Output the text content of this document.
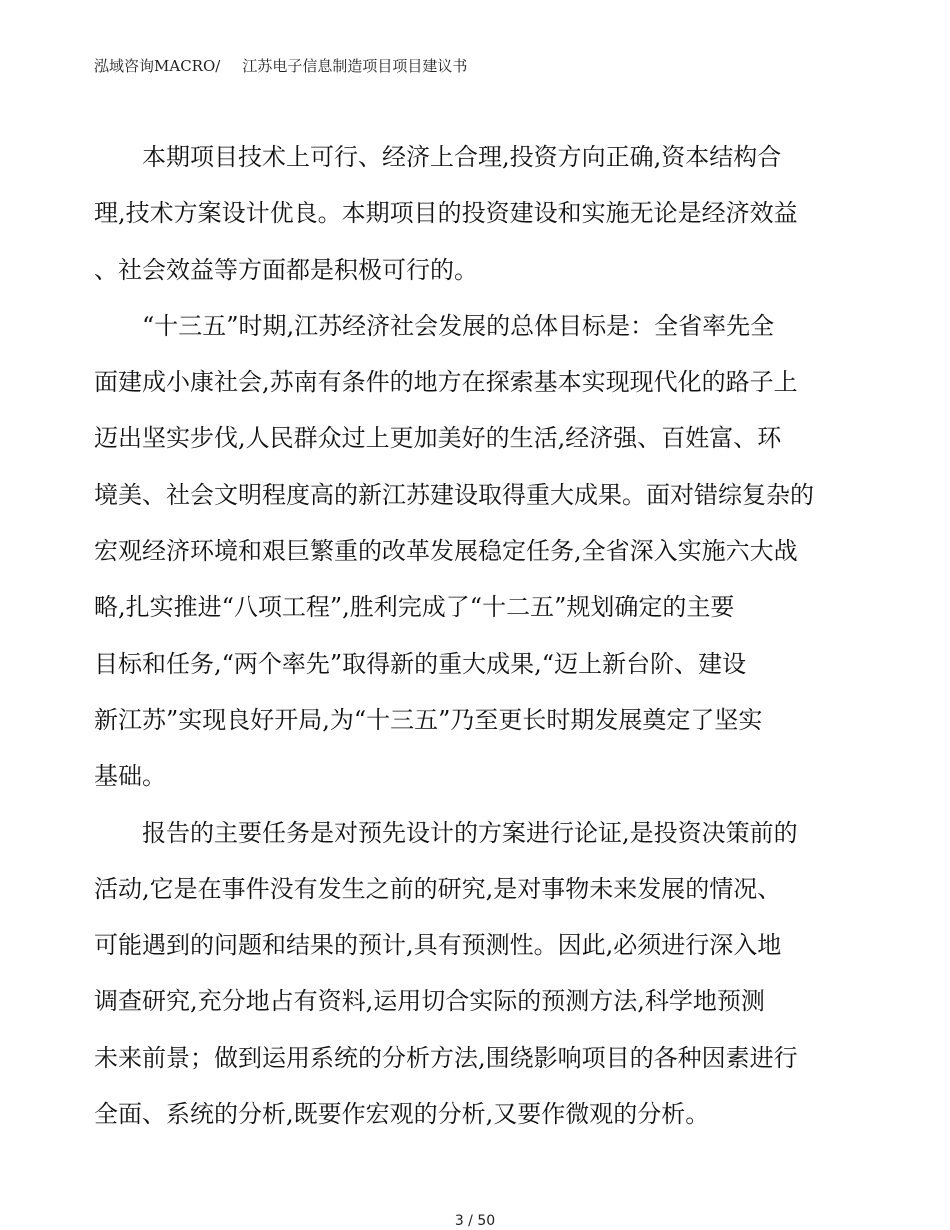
泓域咨询MACRO/ 江苏电子信息制造项目项目建议书
本期项目技术上可行、经济上合理,投资方向正确,资本结构合
理,技术方案设计优良。本期项目的投资建设和实施无论是经济效益
、社会效益等方面都是积极可行的。
“十三五”时期,江苏经济社会发展的总体目标是：全省率先全
面建成小康社会,苏南有条件的地方在探索基本实现现代化的路子上
迈出坚实步伐,人民群众过上更加美好的生活,经济强、百姓富、环
境美、社会文明程度高的新江苏建设取得重大成果。面对错综复杂的
宏观经济环境和艰巨繁重的改革发展稳定任务,全省深入实施六大战
略,扎实推进“八项工程”,胜利完成了“十二五”规划确定的主要
目标和任务,“两个率先”取得新的重大成果,“迈上新台阶、建设
新江苏”实现良好开局,为“十三五”乃至更长时期发展奠定了坚实
基础。
报告的主要任务是对预先设计的方案进行论证,是投资决策前的
活动,它是在事件没有发生之前的研究,是对事物未来发展的情况、
可能遇到的问题和结果的预计,具有预测性。因此,必须进行深入地
调查研究,充分地占有资料,运用切合实际的预测方法,科学地预测
未来前景；做到运用系统的分析方法,围绕影响项目的各种因素进行
全面、系统的分析,既要作宏观的分析,又要作微观的分析。
3 / 50
